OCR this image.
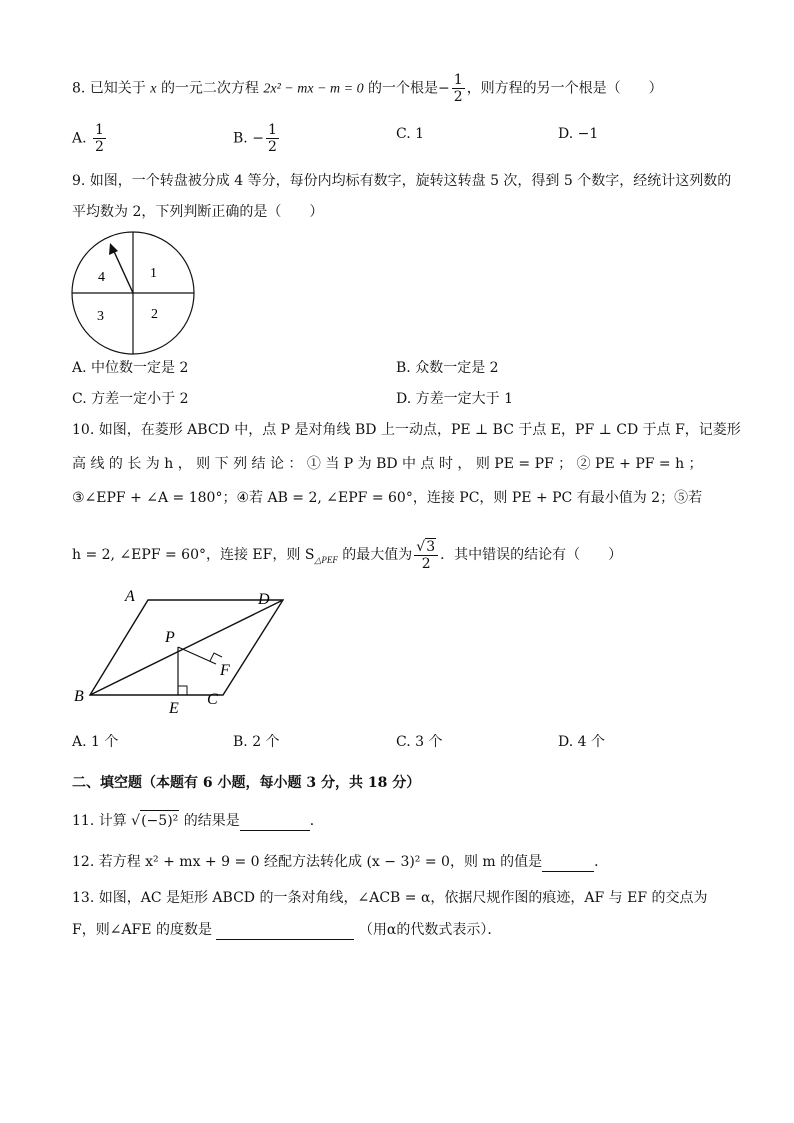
8. 已知关于 x 的一元二次方程 2x² − mx − m = 0 的一个根是− $\frac{1}{2}$ ，则方程的另一个根是（　　）
A. $\frac{1}{2}$	B. − $\frac{1}{2}$	C. 1	D. −1
9. 如图，一个转盘被分成 4 等分，每份内均标有数字，旋转这转盘 5 次，得到 5 个数字，经统计这列数的
平均数为 2，下列判断正确的是（　　）
4	1
3	2
A. 中位数一定是 2	B. 众数一定是 2
C. 方差一定小于 2	D. 方差一定大于 1
10. 如图，在菱形 ABCD 中，点 P 是对角线 BD 上一动点，PE ⊥ BC 于点 E，PF ⊥ CD 于点 F，记菱形
高 线 的 长 为 h ， 则 下 列 结 论 ： ① 当 P 为 BD 中 点 时 ， 则 PE = PF ； ② PE + PF = h ；
③∠EPF + ∠A = 180°；④若 AB = 2, ∠EPF = 60°，连接 PC，则 PE + PC 有最小值为 2；⑤若
h = 2, ∠EPF = 60°，连接 EF，则 $S_{\triangle PEF}$ 的最大值为 $\frac{√3}{2}$ ．其中错误的结论有（　　）
A
B	C
D
P
E
F
A. 1 个	B. 2 个	C. 3 个	D. 4 个
二、填空题（本题有 6 小题，每小题 3 分，共 18 分）
11. 计算 √(−5)² 的结果是	．
12. 若方程 x² + mx + 9 = 0 经配方法转化成 (x − 3)² = 0，则 m 的值是	．
13. 如图，AC 是矩形 ABCD 的一条对角线，∠ACB = α，依据尺规作图的痕迹，AF 与 EF 的交点为
F，则∠AFE 的度数是	（用α的代数式表示）．
